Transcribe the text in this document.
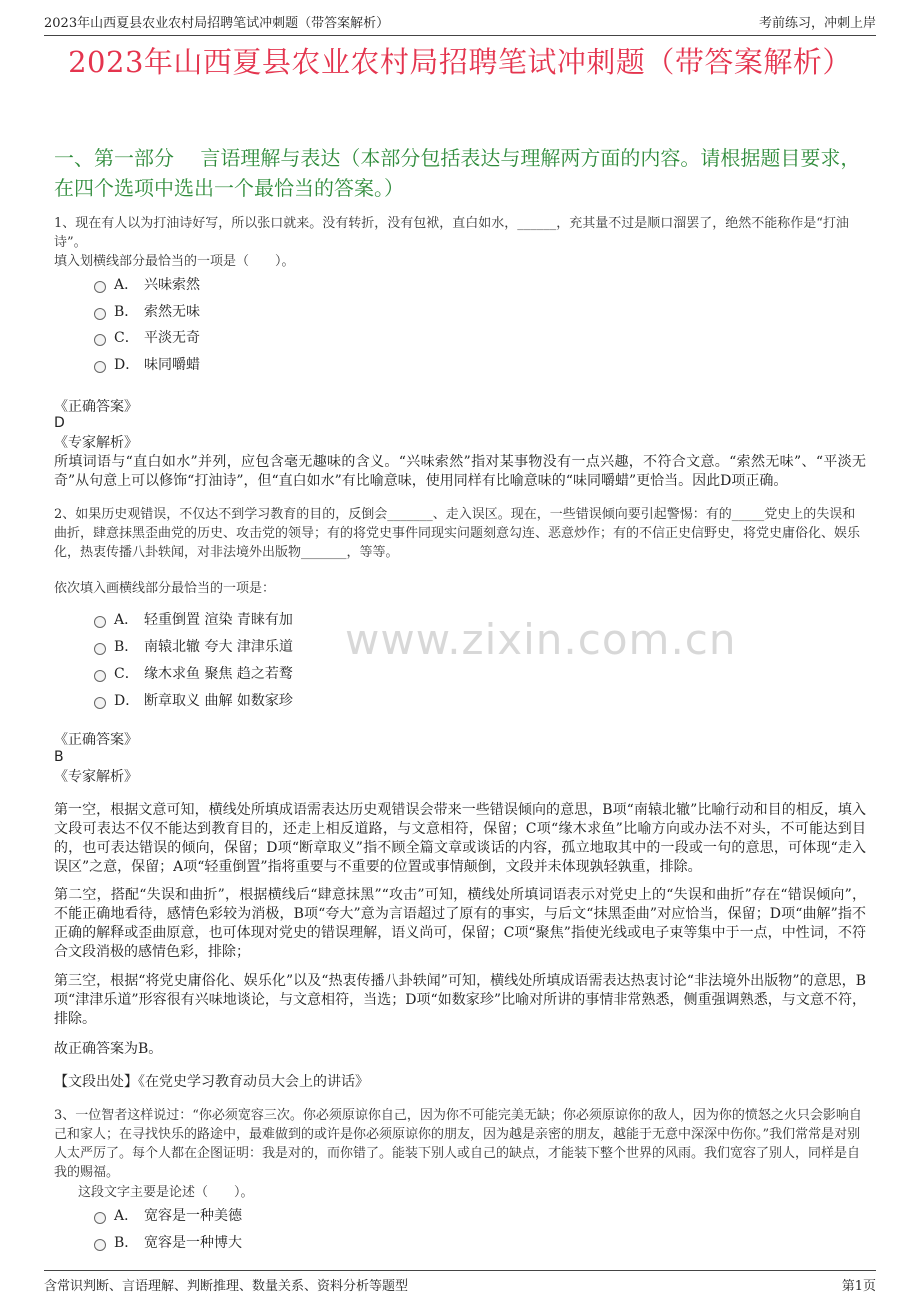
2023年山西夏县农业农村局招聘笔试冲刺题（带答案解析）	考前练习，冲刺上岸
2023年山西夏县农业农村局招聘笔试冲刺题（带答案解析）
一、第一部分　 言语理解与表达（本部分包括表达与理解两方面的内容。请根据题目要求，在四个选项中选出一个最恰当的答案。）
www.zixin.com.cn
1、现在有人以为打油诗好写，所以张口就来。没有转折，没有包袱，直白如水，______，充其量不过是顺口溜罢了，绝然不能称作是“打油诗”。
填入划横线部分最恰当的一项是（　　）。
A． 兴味索然
B． 索然无味
C． 平淡无奇
D． 味同嚼蜡
《正确答案》
D
《专家解析》
所填词语与“直白如水”并列，应包含毫无趣味的含义。“兴味索然”指对某事物没有一点兴趣，不符合文意。“索然无味”、“平淡无奇”从句意上可以修饰“打油诗”，但“直白如水”有比喻意味，使用同样有比喻意味的“味同嚼蜡”更恰当。因此D项正确。
2、如果历史观错误，不仅达不到学习教育的目的，反倒会_______、走入误区。现在，一些错误倾向要引起警惕：有的_____党史上的失误和曲折，肆意抹黑歪曲党的历史、攻击党的领导；有的将党史事件同现实问题刻意勾连、恶意炒作；有的不信正史信野史，将党史庸俗化、娱乐化，热衷传播八卦轶闻，对非法境外出版物_______，等等。
依次填入画横线部分最恰当的一项是：
A． 轻重倒置 渲染 青睐有加
B． 南辕北辙 夸大 津津乐道
C． 缘木求鱼 聚焦 趋之若鹜
D． 断章取义 曲解 如数家珍
《正确答案》
B
《专家解析》
第一空，根据文意可知，横线处所填成语需表达历史观错误会带来一些错误倾向的意思，B项“南辕北辙”比喻行动和目的相反，填入文段可表达不仅不能达到教育目的，还走上相反道路，与文意相符，保留；C项“缘木求鱼”比喻方向或办法不对头，不可能达到目的，也可表达错误的倾向，保留；D项“断章取义”指不顾全篇文章或谈话的内容，孤立地取其中的一段或一句的意思，可体现“走入误区”之意，保留；A项“轻重倒置”指将重要与不重要的位置或事情颠倒，文段并未体现孰轻孰重，排除。
第二空，搭配“失误和曲折”，根据横线后“肆意抹黑”“攻击”可知，横线处所填词语表示对党史上的“失误和曲折”存在“错误倾向”，不能正确地看待，感情色彩较为消极，B项“夸大”意为言语超过了原有的事实，与后文“抹黑歪曲”对应恰当，保留；D项“曲解”指不正确的解释或歪曲原意，也可体现对党史的错误理解，语义尚可，保留；C项“聚焦”指使光线或电子束等集中于一点，中性词，不符合文段消极的感情色彩，排除；
第三空，根据“将党史庸俗化、娱乐化”以及“热衷传播八卦轶闻”可知，横线处所填成语需表达热衷讨论“非法境外出版物”的意思，B项“津津乐道”形容很有兴味地谈论，与文意相符，当选；D项“如数家珍”比喻对所讲的事情非常熟悉，侧重强调熟悉，与文意不符，排除。
故正确答案为B。
【文段出处】《在党史学习教育动员大会上的讲话》
3、一位智者这样说过：“你必须宽容三次。你必须原谅你自己，因为你不可能完美无缺；你必须原谅你的敌人，因为你的愤怒之火只会影响自己和家人；在寻找快乐的路途中，最难做到的或许是你必须原谅你的朋友，因为越是亲密的朋友，越能于无意中深深中伤你。”我们常常是对别人太严厉了。每个人都在企图证明：我是对的，而你错了。能装下别人或自己的缺点，才能装下整个世界的风雨。我们宽容了别人，同样是自我的赐福。
这段文字主要是论述（　　）。
A． 宽容是一种美德
B． 宽容是一种博大
含常识判断、言语理解、判断推理、数量关系、资料分析等题型	第1页
